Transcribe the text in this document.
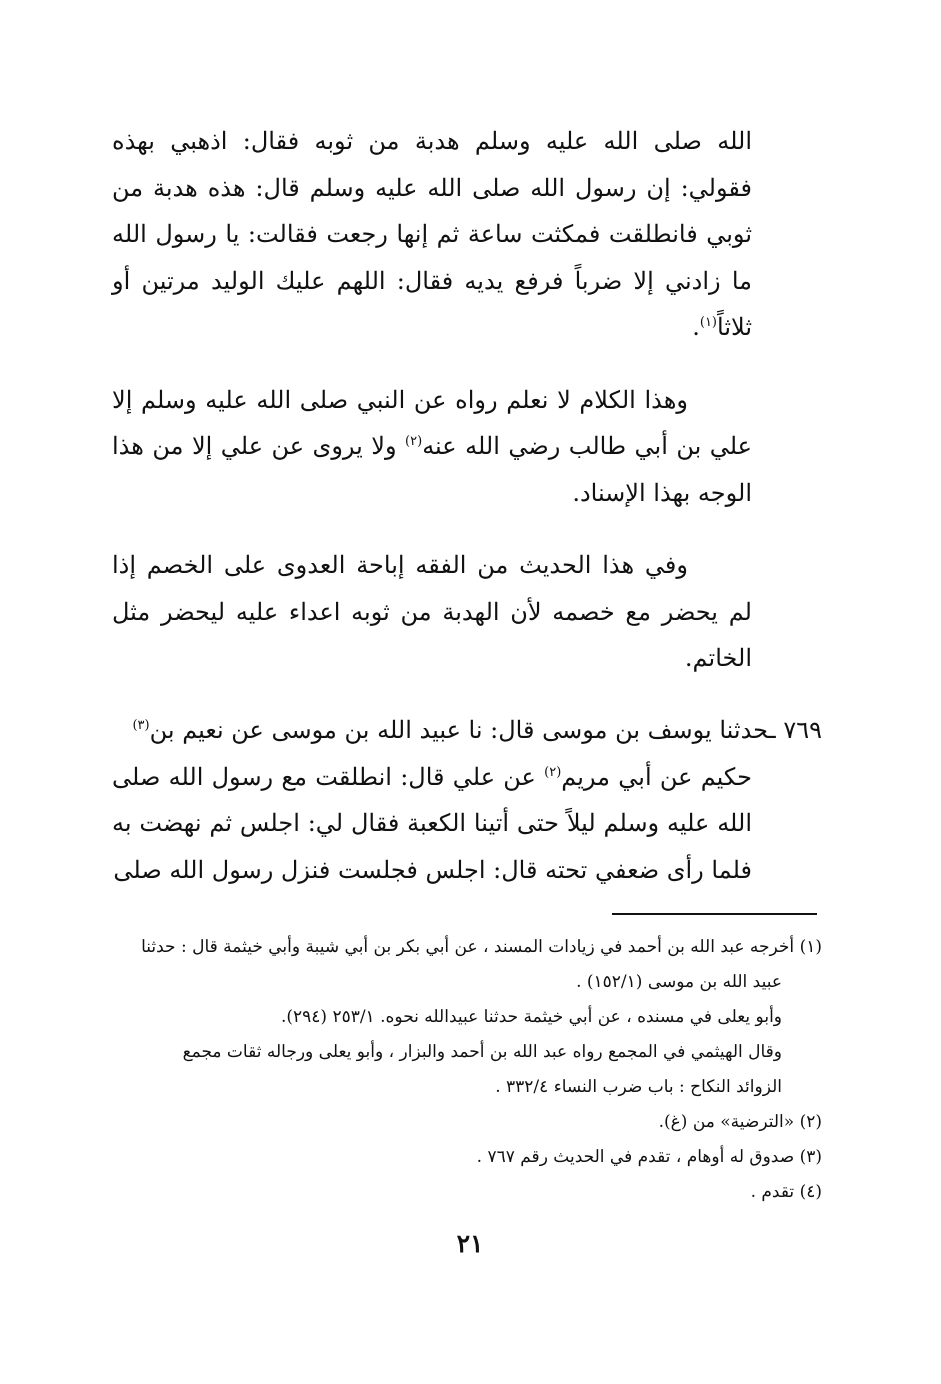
الله صلى الله عليه وسلم هدبة من ثوبه فقال: اذهبي بهذه فقولي: إن رسول الله صلى الله عليه وسلم قال: هذه هدبة من ثوبي فانطلقت فمكثت ساعة ثم إنها رجعت فقالت: يا رسول الله ما زادني إلا ضرباً فرفع يديه فقال: اللهم عليك الوليد مرتين أو ثلاثاً$^{(١)}$.

وهذا الكلام لا نعلم رواه عن النبي صلى الله عليه وسلم إلا علي بن أبي طالب رضي الله عنه$^{(٢)}$ ولا يروى عن علي إلا من هذا الوجه بهذا الإسناد.

وفي هذا الحديث من الفقه إباحة العدوى على الخصم إذا لم يحضر مع خصمه لأن الهدبة من ثوبه اعداء عليه ليحضر مثل الخاتم.

٧٦٩ ـحدثنا يوسف بن موسى قال: نا عبيد الله بن موسى عن نعيم بن$^{(٣)}$
حكيم عن أبي مريم$^{(٢)}$ عن علي قال: انطلقت مع رسول الله صلى الله عليه وسلم ليلاً حتى أتينا الكعبة فقال لي: اجلس ثم نهضت به فلما رأى ضعفي تحته قال: اجلس فجلست فنزل رسول الله صلى

(١) أخرجه عبد الله بن أحمد في زيادات المسند ، عن أبي بكر بن أبي شيبة وأبي خيثمة قال : حدثنا
عبيد الله بن موسى (١٥٢/١) .

وأبو يعلى في مسنده ، عن أبي خيثمة حدثنا عبيدالله نحوه. ٢٥٣/١ (٢٩٤).

وقال الهيثمي في المجمع رواه عبد الله بن أحمد والبزار ، وأبو يعلى ورجاله ثقات مجمع
الزوائد النكاح : باب ضرب النساء ٣٣٢/٤ .

(٢) «الترضية» من (غ).

(٣) صدوق له أوهام ، تقدم في الحديث رقم ٧٦٧ .

(٤) تقدم .

٢١
